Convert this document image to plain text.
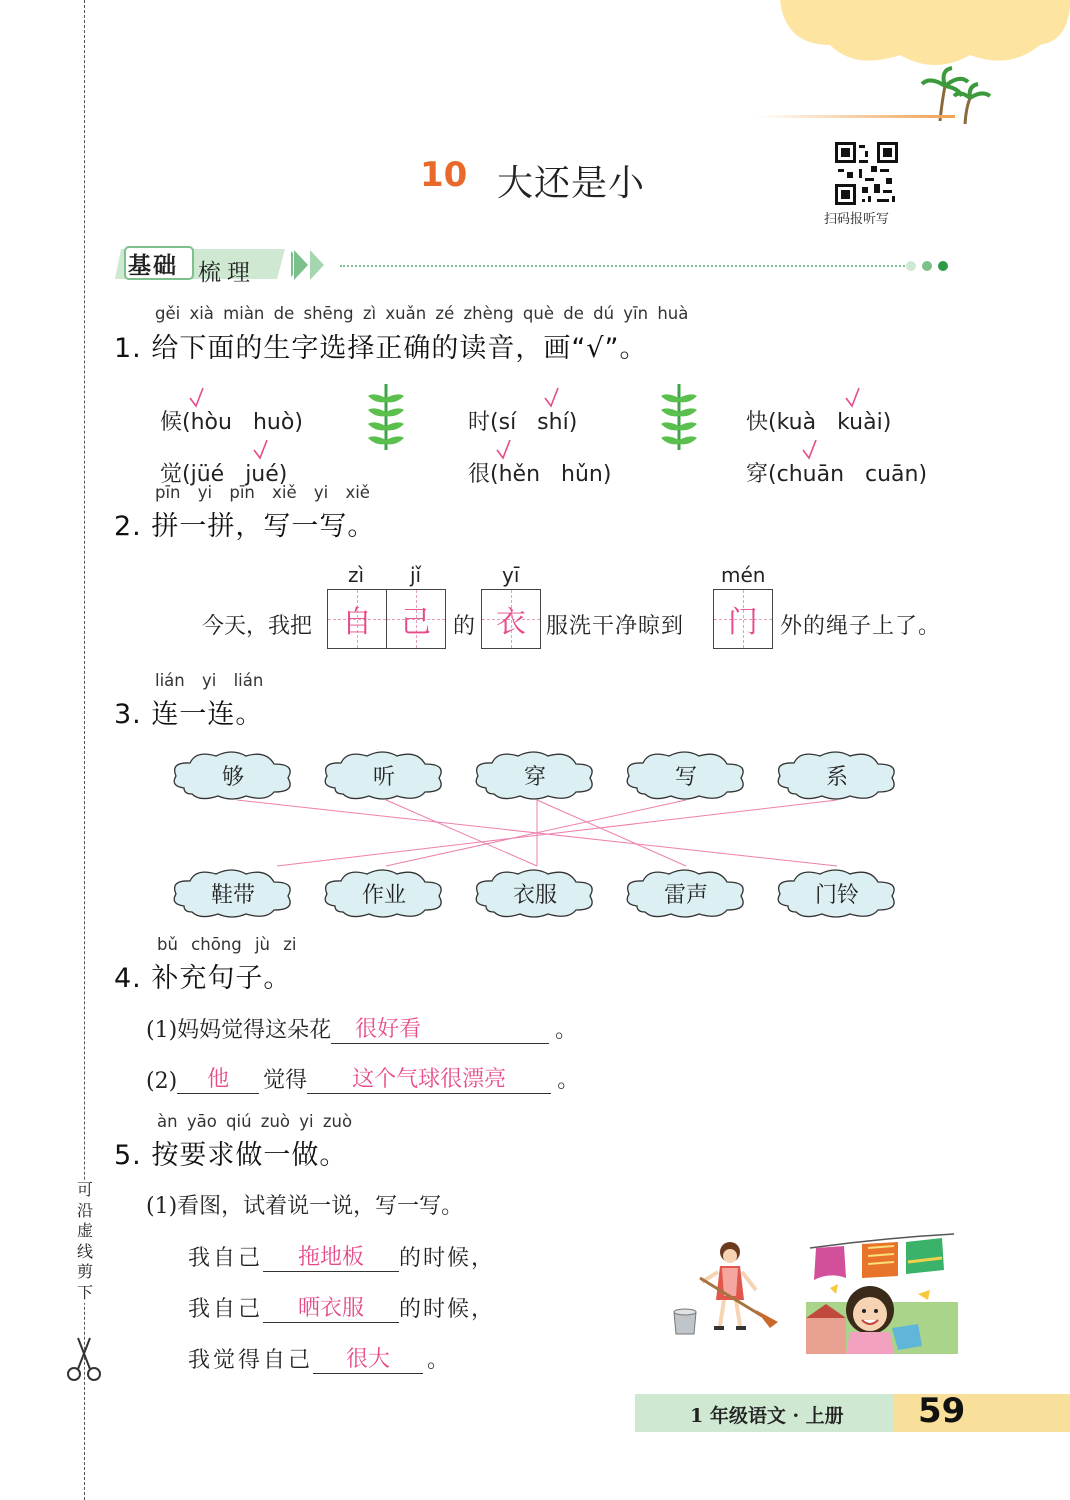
可沿虚线剪下
10 大还是小
扫码报听写
基础 梳理
gěi xià miàn de shēng zì xuǎn zé zhèng què de dú yīn huà
1. 给下面的生字选择正确的读音，画“√”。

候(hòu huò)	时(sí shí)	快(kuà kuài)

觉(jüé jué)	很(hěn hǔn)	穿(chuān cuān)

pīn yi pīn xiě yi xiě
2. 拼一拼，写一写。
zì jǐ	yī	mén
今天，我把 自 己 的 衣 服洗干净晾到 门 外的绳子上了。
lián yi lián
3. 连一连。
够	听	穿	写	系
鞋带	作业	衣服	雷声	门铃
bǔ chōng jù zi
4. 补充句子。
(1)妈妈觉得这朵花	很好看	。
(2)	他	觉得	这个气球很漂亮	。
àn yāo qiú zuò yi zuò
5. 按要求做一做。
(1)看图，试着说一说，写一写。
我自己	拖地板	的时候，
我自己	晒衣服	的时候，
我觉得自己	很大	。
1 年级语文 · 上册 59
